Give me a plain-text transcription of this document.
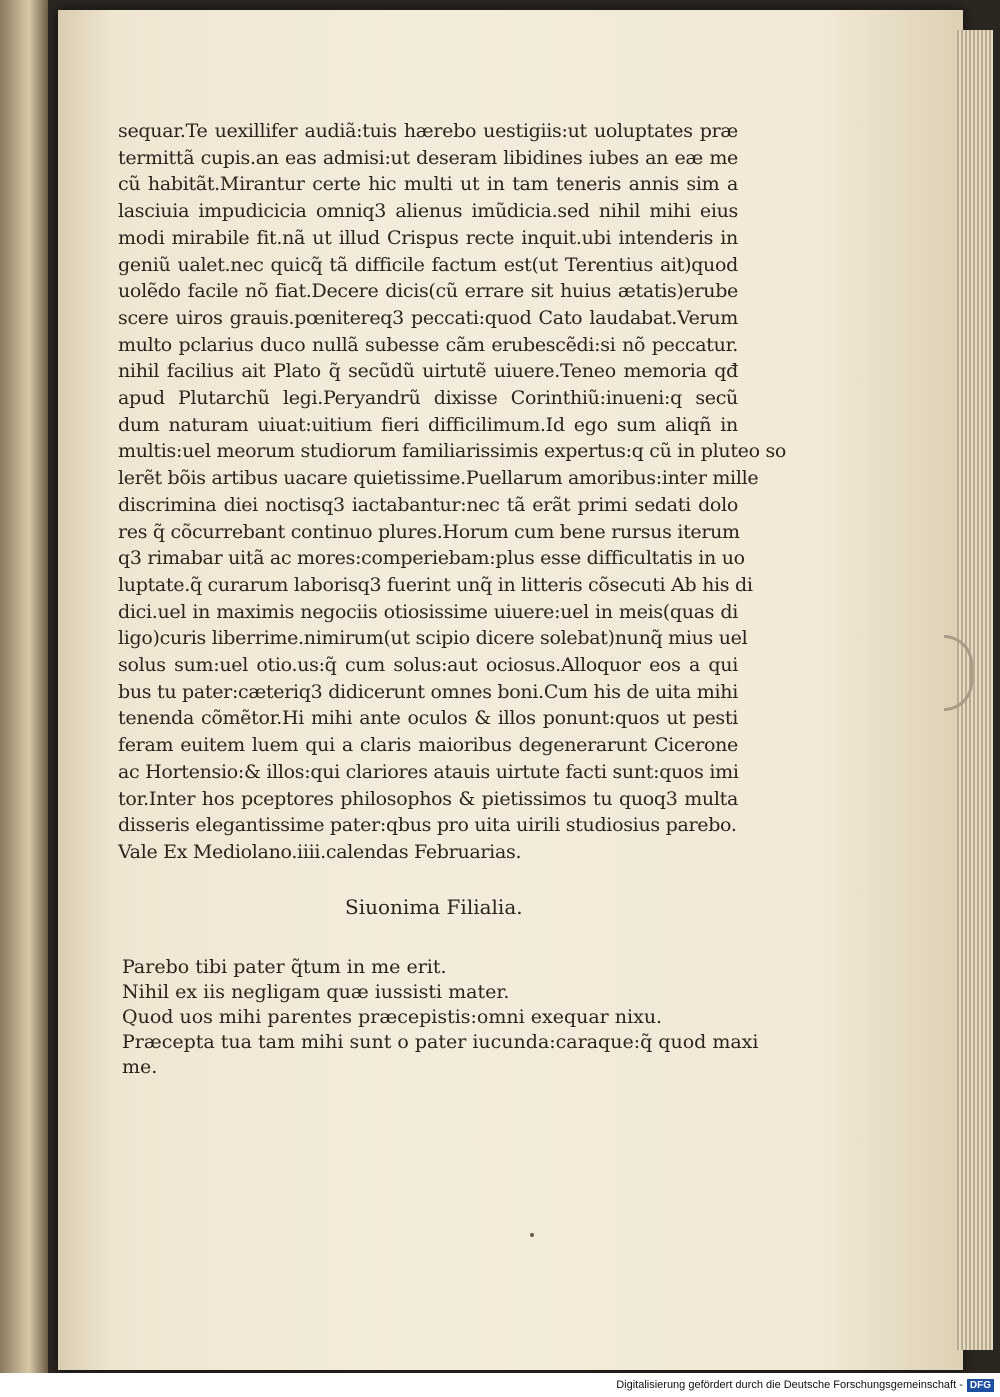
sequar.Te uexillifer audiã:tuis hærebo uestigiis:ut uoluptates præ
termittã cupis.an eas admisi:ut deseram libidines iubes an eæ me
cũ habitãt.Mirantur certe hic multi ut in tam teneris annis sim a
lasciuia impudicicia omniq3 alienus imũdicia.sed nihil mihi eius
modi mirabile fit.nã ut illud Crispus recte inquit.ubi intenderis in
geniũ ualet.nec quicq̃ tã difficile factum est(ut Terentius ait)quod
uolẽdo facile nõ fiat.Decere dicis(cũ errare sit huius ætatis)erube
scere uiros grauis.pœnitereq3 peccati:quod Cato laudabat.Verum
multo pclarius duco nullã subesse cãm erubescẽdi:si nõ peccatur.
nihil facilius ait Plato q̃ secũdũ uirtutẽ uiuere.Teneo memoria qđ
apud Plutarchũ legi.Peryandrũ dixisse Corinthiũ:inueni:q secũ
dum naturam uiuat:uitium fieri difficilimum.Id ego sum aliqñ in
multis:uel meorum studiorum familiarissimis expertus:q cũ in pluteo so
lerẽt bõis artibus uacare quietissime.Puellarum amoribus:inter mille
discrimina diei noctisq3 iactabantur:nec tã erãt primi sedati dolo
res q̃ cõcurrebant continuo plures.Horum cum bene rursus iterum
q3 rimabar uitã ac mores:comperiebam:plus esse difficultatis in uo
luptate.q̃ curarum laborisq3 fuerint unq̃ in litteris cõsecuti Ab his di
dici.uel in maximis negociis otiosissime uiuere:uel in meis(quas di
ligo)curis liberrime.nimirum(ut scipio dicere solebat)nunq̃ mius uel
solus sum:uel otio.us:q̃ cum solus:aut ociosus.Alloquor eos a qui
bus tu pater:cæteriq3 didicerunt omnes boni.Cum his de uita mihi
tenenda cõmẽtor.Hi mihi ante oculos & illos ponunt:quos ut pesti
feram euitem luem qui a claris maioribus degenerarunt Cicerone
ac Hortensio:& illos:qui clariores atauis uirtute facti sunt:quos imi
tor.Inter hos pceptores philosophos & pietissimos tu quoq3 multa
disseris elegantissime pater:qbus pro uita uirili studiosius parebo.
Vale Ex Mediolano.iiii.calendas Februarias.
Siuonima Filialia.
Parebo tibi pater q̃tum in me erit.
Nihil ex iis negligam quæ iussisti mater.
Quod uos mihi parentes præcepistis:omni exequar nixu.
Præcepta tua tam mihi sunt o pater iucunda:caraque:q̃ quod maxi
me.
Digitalisierung gefördert durch die Deutsche Forschungsgemeinschaft - DFG
